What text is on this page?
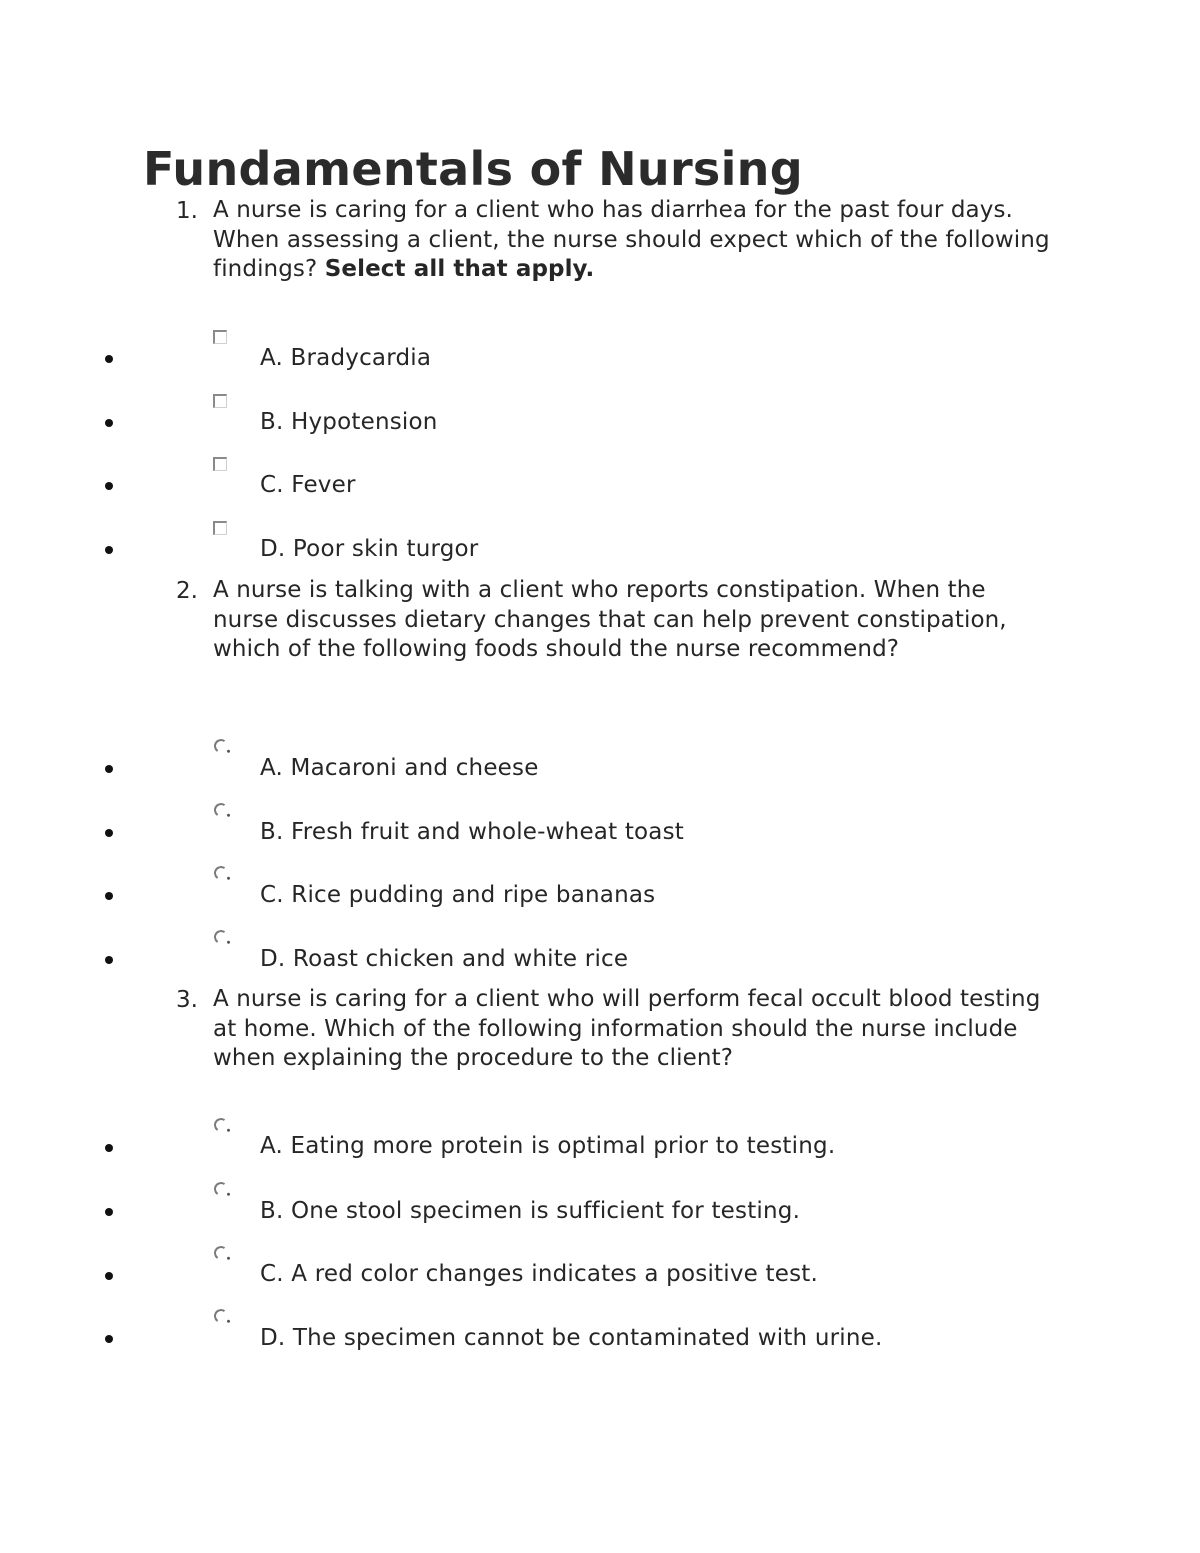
Fundamentals of Nursing
1. A nurse is caring for a client who has diarrhea for the past four days. When assessing a client, the nurse should expect which of the following findings? Select all that apply.
A. Bradycardia
B. Hypotension
C. Fever
D. Poor skin turgor
2. A nurse is talking with a client who reports constipation. When the nurse discusses dietary changes that can help prevent constipation, which of the following foods should the nurse recommend?
A. Macaroni and cheese
B. Fresh fruit and whole-wheat toast
C. Rice pudding and ripe bananas
D. Roast chicken and white rice
3. A nurse is caring for a client who will perform fecal occult blood testing at home. Which of the following information should the nurse include when explaining the procedure to the client?
A. Eating more protein is optimal prior to testing.
B. One stool specimen is sufficient for testing.
C. A red color changes indicates a positive test.
D. The specimen cannot be contaminated with urine.
